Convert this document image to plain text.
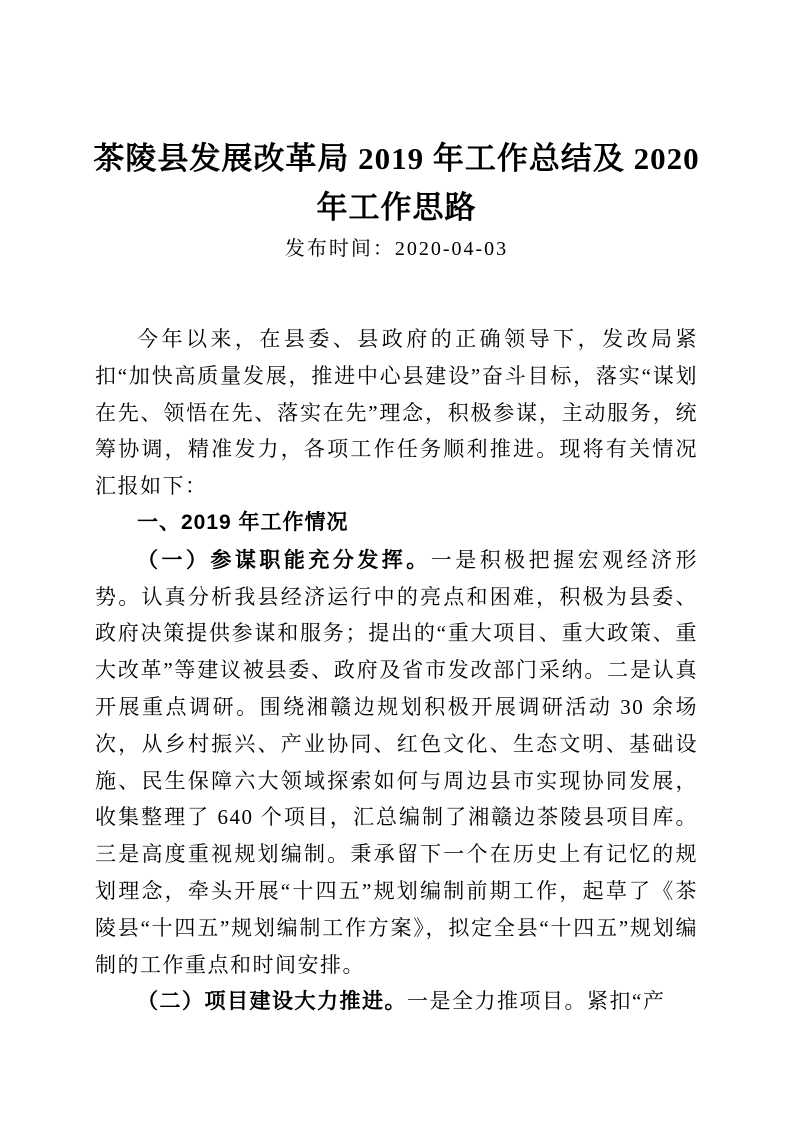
茶陵县发展改革局 2019 年工作总结及 2020
年工作思路
发布时间：2020-04-03

今年以来，在县委、县政府的正确领导下，发改局紧扣“加快高质量发展，推进中心县建设”奋斗目标，落实“谋划在先、领悟在先、落实在先”理念，积极参谋，主动服务，统筹协调，精准发力，各项工作任务顺利推进。现将有关情况汇报如下：

一、2019 年工作情况

（一）参谋职能充分发挥。一是积极把握宏观经济形势。认真分析我县经济运行中的亮点和困难，积极为县委、政府决策提供参谋和服务；提出的“重大项目、重大政策、重大改革”等建议被县委、政府及省市发改部门采纳。二是认真开展重点调研。围绕湘赣边规划积极开展调研活动 30 余场次，从乡村振兴、产业协同、红色文化、生态文明、基础设施、民生保障六大领域探索如何与周边县市实现协同发展，收集整理了 640 个项目，汇总编制了湘赣边茶陵县项目库。三是高度重视规划编制。秉承留下一个在历史上有记忆的规划理念，牵头开展“十四五”规划编制前期工作，起草了《茶陵县“十四五”规划编制工作方案》，拟定全县“十四五”规划编制的工作重点和时间安排。

（二）项目建设大力推进。一是全力推项目。紧扣“产
